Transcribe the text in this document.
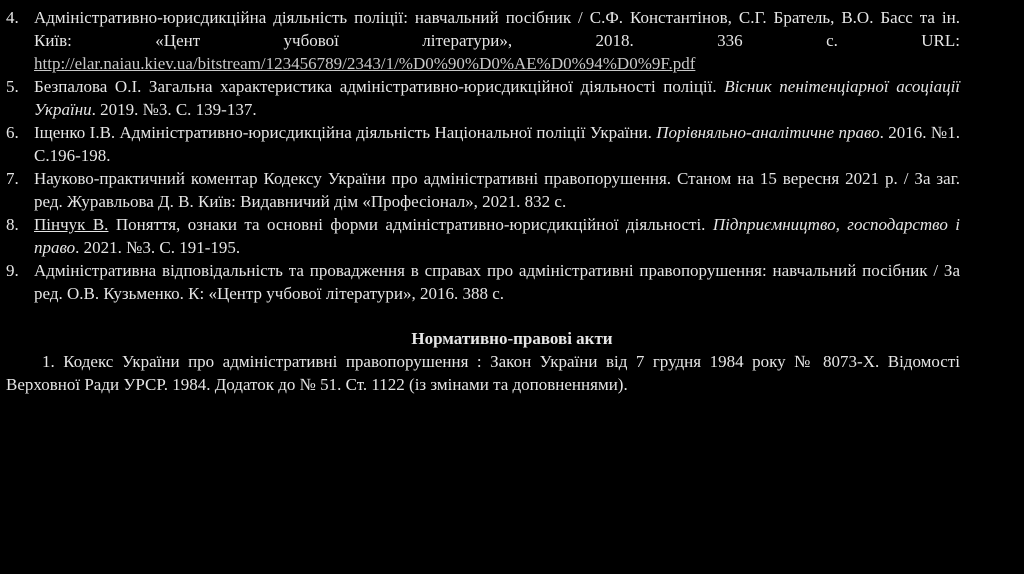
4. Адміністративно-юрисдикційна діяльність поліції: навчальний посібник / С.Ф. Константінов, С.Г. Братель, В.О. Басс та ін. Київ: «Цент учбової літератури», 2018. 336 с. URL: http://elar.naiau.kiev.ua/bitstream/123456789/2343/1/%D0%90%D0%AE%D0%94%D0%9F.pdf
5. Безпалова О.І. Загальна характеристика адміністративно-юрисдикційної діяльності поліції. Вісник пенітенціарної асоціації України. 2019. №3. С. 139-137.
6. Іщенко І.В. Адміністративно-юрисдикційна діяльність Національної поліції України. Порівняльно-аналітичне право. 2016. №1. С.196-198.
7. Науково-практичний коментар Кодексу України про адміністративні правопорушення. Станом на 15 вересня 2021 р. / За заг. ред. Журавльова Д. В. Київ: Видавничий дім «Професіонал», 2021. 832 с.
8. Пінчук В. Поняття, ознаки та основні форми адміністративно-юрисдикційної діяльності. Підприємництво, господарство і право. 2021. №3. С. 191-195.
9. Адміністративна відповідальність та провадження в справах про адміністративні правопорушення: навчальний посібник / За ред. О.В. Кузьменко. К: «Центр учбової літератури», 2016. 388 с.

Нормативно-правові акти

1. Кодекс України про адміністративні правопорушення : Закон України від 7 грудня 1984 року № 8073-X. Відомості Верховної Ради УРСР. 1984. Додаток до № 51. Ст. 1122 (із змінами та доповненнями).
